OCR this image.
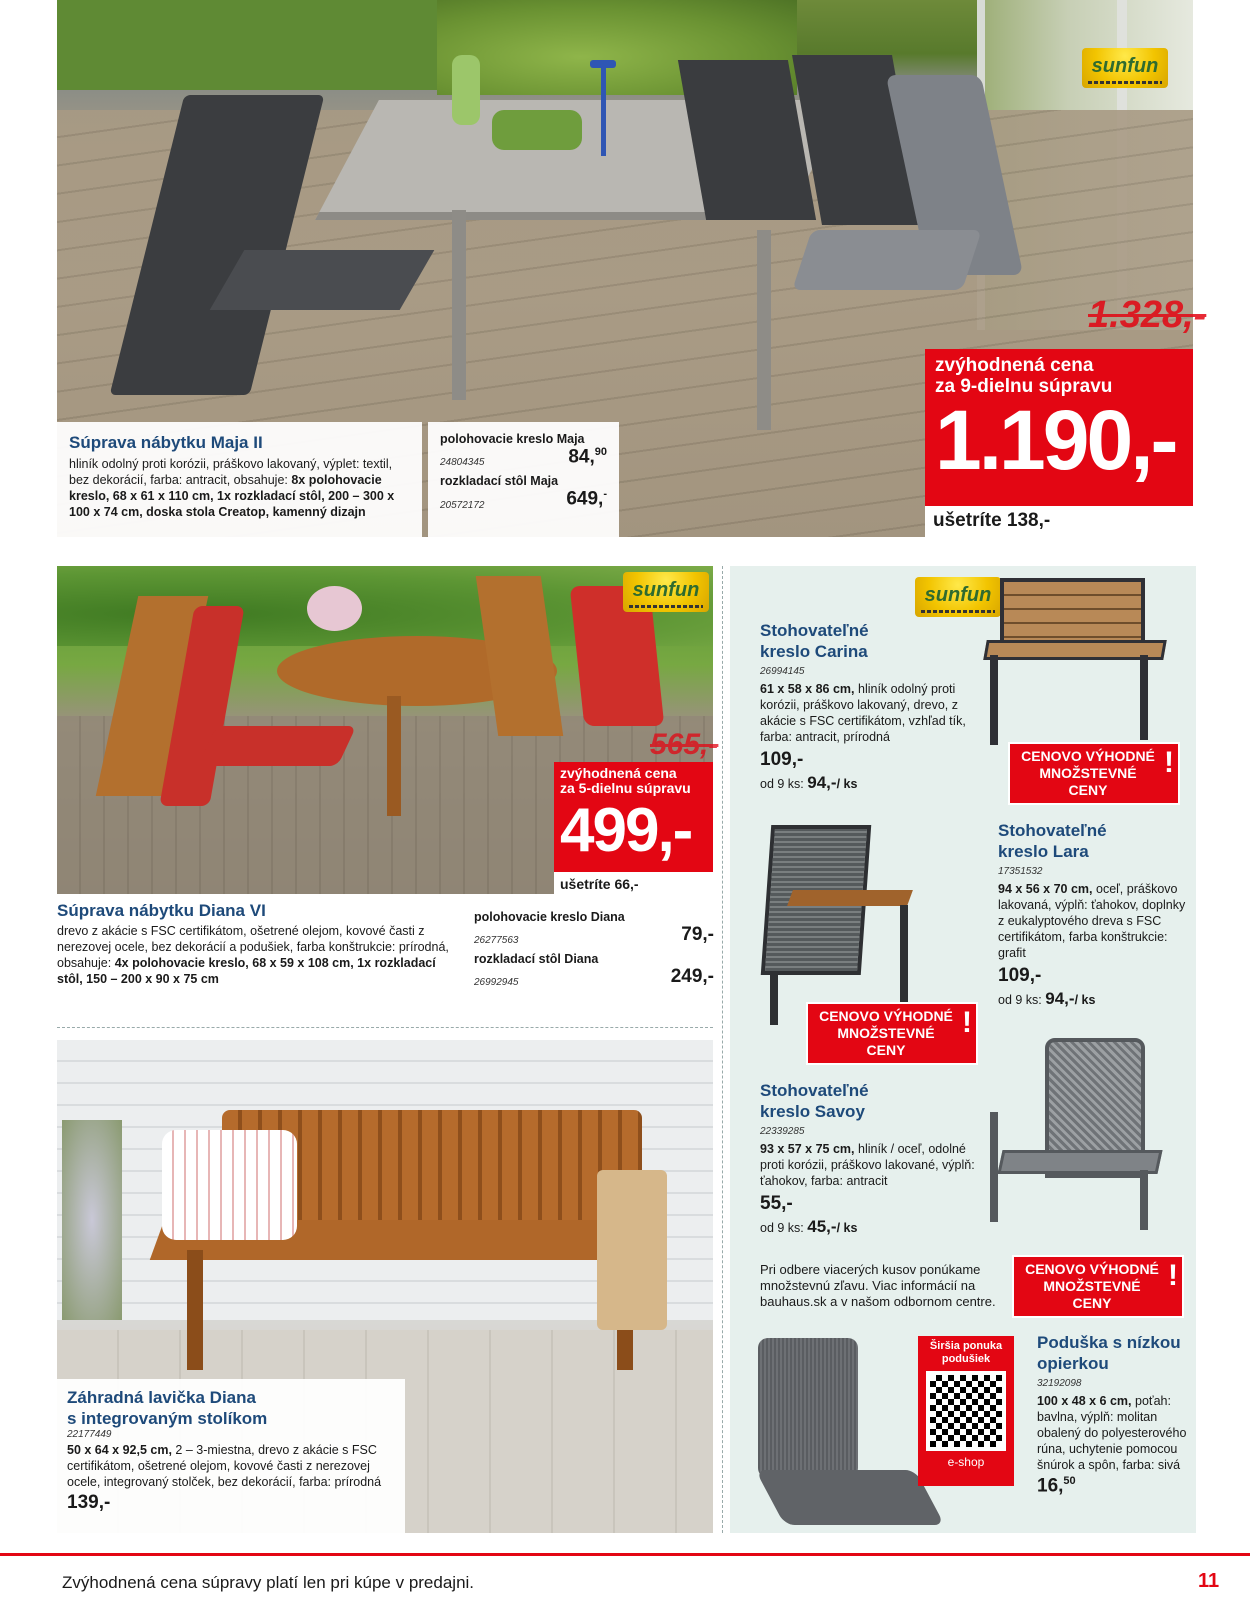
sunfun
Súprava nábytku Maja II
hliník odolný proti korózii, práškovo lakovaný, výplet: textil, bez dekorácií, farba: antracit, obsahuje: 8x polohovacie kreslo, 68 x 61 x 110 cm, 1x rozkladací stôl, 200 – 300 x 100 x 74 cm, doska stola Creatop, kamenný dizajn
polohovacie kreslo Maja
24804345	84,90
rozkladací stôl Maja
20572172	649,-
1.328,-
zvýhodnená cena
za 9-dielnu súpravu
1.190,-
ušetríte 138,-
sunfun
565,-
zvýhodnená cena
za 5-dielnu súpravu
499,-
ušetríte 66,-
Súprava nábytku Diana VI
drevo z akácie s FSC certifikátom, ošetrené olejom, kovové časti z nerezovej ocele, bez dekorácií a podušiek, farba konštrukcie: prírodná, obsahuje: 4x polohovacie kreslo, 68 x 59 x 108 cm, 1x rozkladací stôl, 150 – 200 x 90 x 75 cm
polohovacie kreslo Diana
26277563	79,-
rozkladací stôl Diana
26992945	249,-
Záhradná lavička Diana
s integrovaným stolíkom
22177449
50 x 64 x 92,5 cm, 2 – 3-miestna, drevo z akácie s FSC certifikátom, ošetrené olejom, kovové časti z nerezovej ocele, integrovaný stolček, bez dekorácií, farba: prírodná
139,-
sunfun
Stohovateľné
kreslo Carina
26994145
61 x 58 x 86 cm, hliník odolný proti korózii, práškovo lakovaný, drevo, z akácie s FSC certifikátom, vzhľad tík, farba: antracit, prírodná
109,-
od 9 ks: 94,-/ ks
CENOVO VÝHODNÉ
MNOŽSTEVNÉ CENY
!
Stohovateľné
kreslo Lara
17351532
94 x 56 x 70 cm, oceľ, práškovo lakovaná, výplň: ťahokov, doplnky z eukalyptového dreva s FSC certifikátom, farba konštrukcie: grafit
109,-
od 9 ks: 94,-/ ks
CENOVO VÝHODNÉ
MNOŽSTEVNÉ CENY
!
Stohovateľné
kreslo Savoy
22339285
93 x 57 x 75 cm, hliník / oceľ, odolné proti korózii, práškovo lakované, výplň: ťahokov, farba: antracit
55,-
od 9 ks: 45,-/ ks
Pri odbere viacerých kusov ponúkame množstevnú zľavu. Viac informácií na bauhaus.sk a v našom odbornom centre.
CENOVO VÝHODNÉ
MNOŽSTEVNÉ CENY
!
Širšia ponuka
podušiek
e-shop
Poduška s nízkou
opierkou
32192098
100 x 48 x 6 cm, poťah: bavlna, výplň: molitan obalený do polyesterového rúna, uchytenie pomocou šnúrok a spôn, farba: sivá
16,50
Zvýhodnená cena súpravy platí len pri kúpe v predajni.	11
